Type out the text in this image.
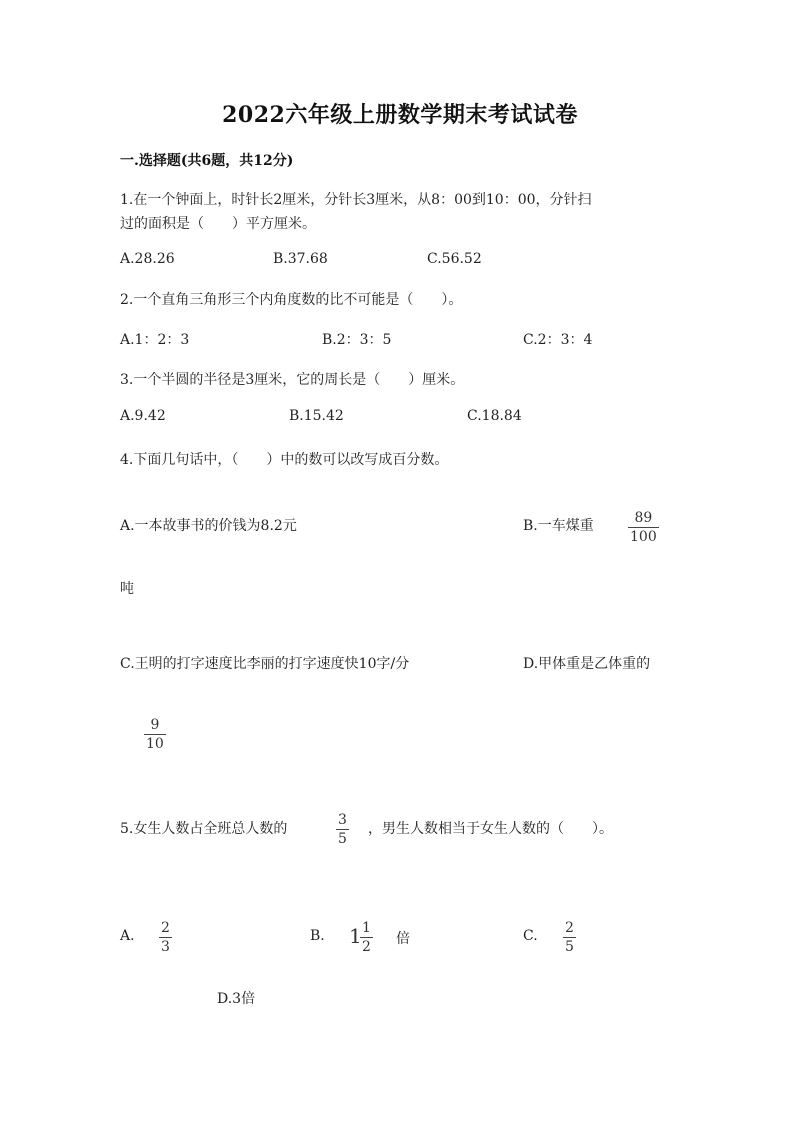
2022六年级上册数学期末考试试卷
一.选择题(共6题，共12分)
1.在一个钟面上，时针长2厘米，分针长3厘米，从8：00到10：00，分针扫
过的面积是（　　）平方厘米。
A.28.26	B.37.68	C.56.52
2.一个直角三角形三个内角度数的比不可能是（　　）。
A.1：2：3	B.2：3：5	C.2：3：4
3.一个半圆的半径是3厘米，它的周长是（　　）厘米。
A.9.42	B.15.42	C.18.84
4.下面几句话中，（　　）中的数可以改写成百分数。
A.一本故事书的价钱为8.2元	B.一车煤重	89
100
吨
C.王明的打字速度比李丽的打字速度快10字/分	D.甲体重是乙体重的
9
10
5.女生人数占全班总人数的
3
5
，男生人数相当于女生人数的（　　）。
A. 2
3
B. 1 1
2 倍	C. 2
5
D.3倍
